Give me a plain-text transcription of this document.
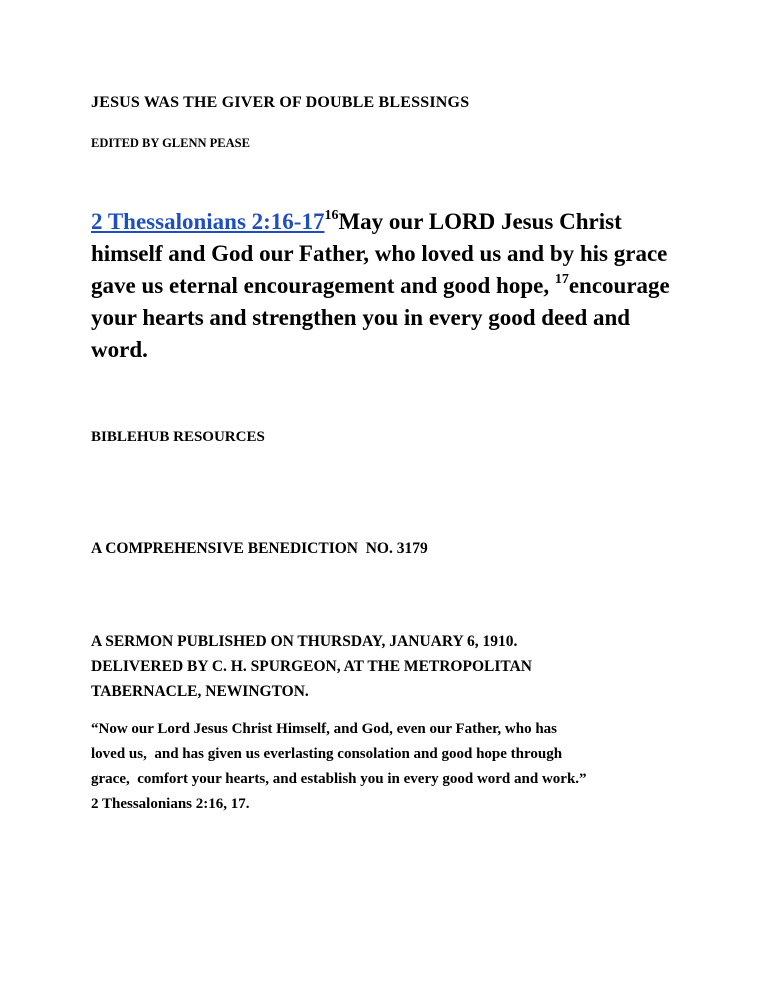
JESUS WAS THE GIVER OF DOUBLE BLESSINGS

EDITED BY GLENN PEASE

2 Thessalonians $2:16-17^{16}May$ our LORD Jesus Christ himself and God our Father, who loved us and by his grace gave us eternal encouragement and good hope, $^{17}$encourage your hearts and strengthen you in every good deed and word.

BIBLEHUB RESOURCES

A COMPREHENSIVE BENEDICTION  NO. 3179

A SERMON PUBLISHED ON THURSDAY, JANUARY 6, 1910.
DELIVERED BY C. H. SPURGEON, AT THE METROPOLITAN
TABERNACLE, NEWINGTON.
“Now our Lord Jesus Christ Himself, and God, even our Father, who has
loved us,  and has given us everlasting consolation and good hope through
grace,  comfort your hearts, and establish you in every good word and work.”
2 Thessalonians 2:16, 17.
